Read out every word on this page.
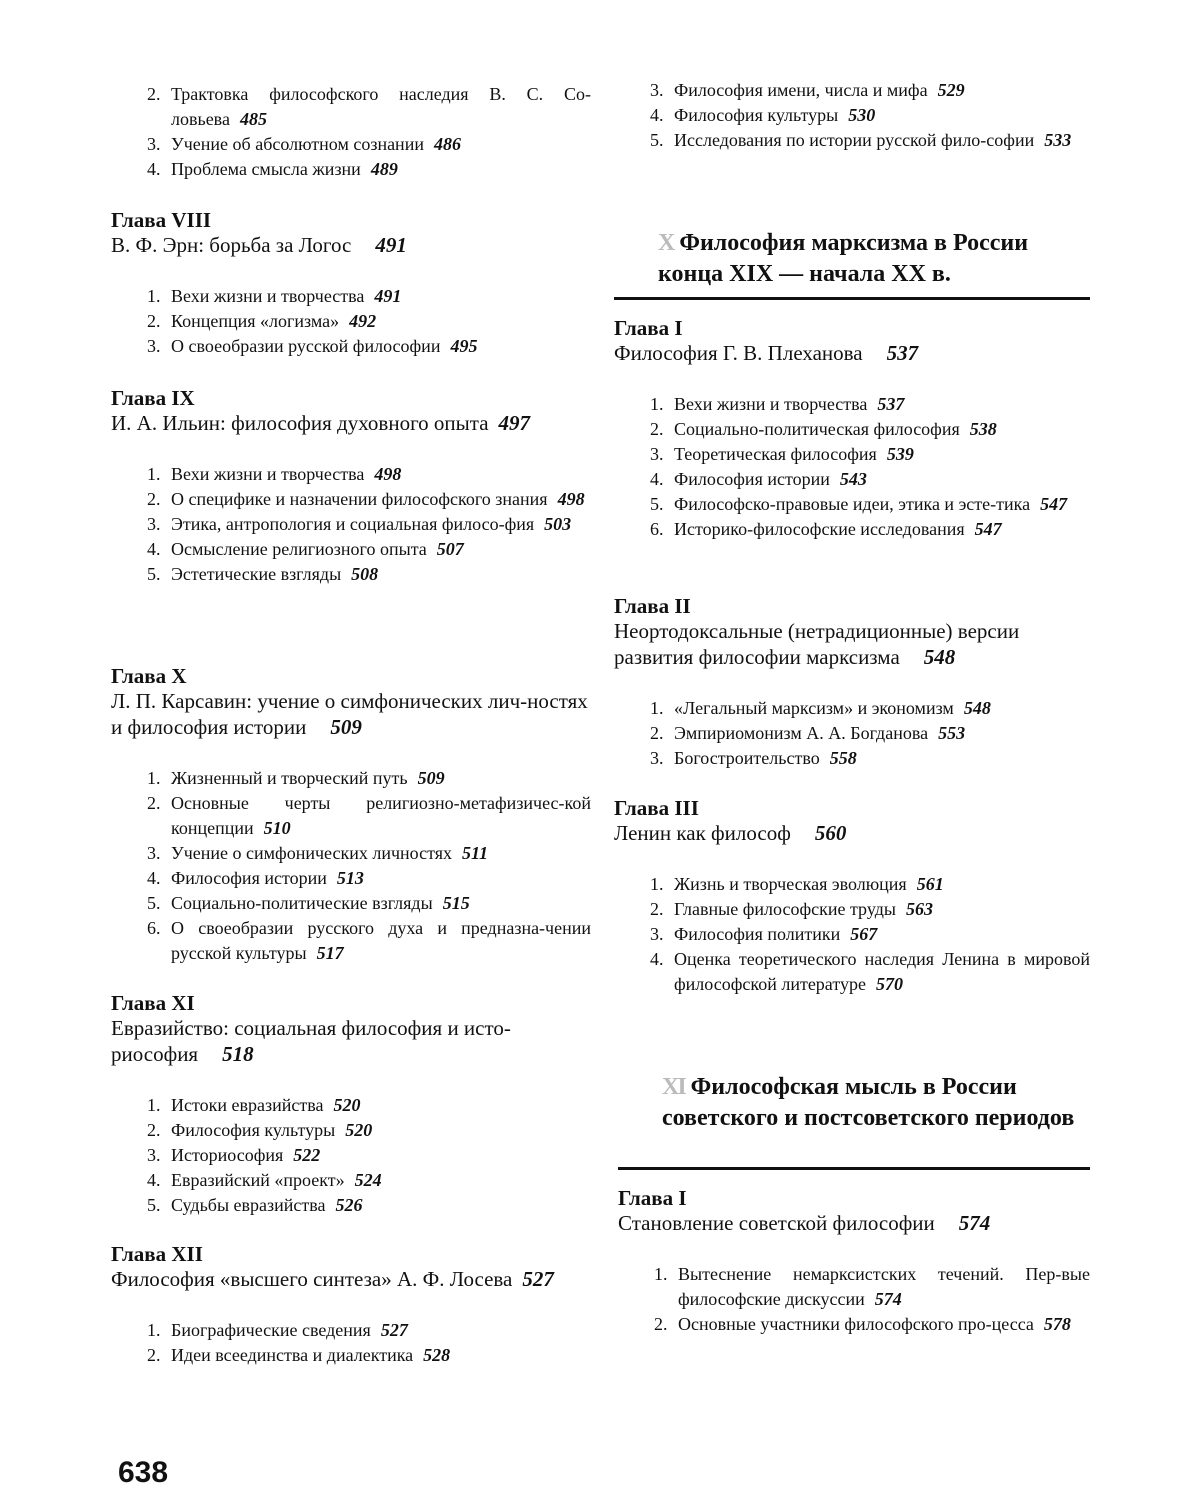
2. Трактовка философского наследия В. С. Со-ловьева 485
3. Учение об абсолютном сознании 486
4. Проблема смысла жизни 489
Глава VIII
В. Ф. Эрн: борьба за Логос 491
1. Вехи жизни и творчества 491
2. Концепция «логизма» 492
3. О своеобразии русской философии 495
Глава IX
И. А. Ильин: философия духовного опыта 497
1. Вехи жизни и творчества 498
2. О специфике и назначении философского знания 498
3. Этика, антропология и социальная филосо-фия 503
4. Осмысление религиозного опыта 507
5. Эстетические взгляды 508
Глава X
Л. П. Карсавин: учение о симфонических лич-ностях и философия истории 509
1. Жизненный и творческий путь 509
2. Основные черты религиозно-метафизичес-кой концепции 510
3. Учение о симфонических личностях 511
4. Философия истории 513
5. Социально-политические взгляды 515
6. О своеобразии русского духа и предназна-чении русской культуры 517
Глава XI
Евразийство: социальная философия и исто-риософия 518
1. Истоки евразийства 520
2. Философия культуры 520
3. Историософия 522
4. Евразийский «проект» 524
5. Судьбы евразийства 526
Глава XII
Философия «высшего синтеза» А. Ф. Лосева 527
1. Биографические сведения 527
2. Идеи всеединства и диалектика 528
3. Философия имени, числа и мифа 529
4. Философия культуры 530
5. Исследования по истории русской фило-софии 533
X Философия марксизма в России конца XIX — начала XX в.
Глава I
Философия Г. В. Плеханова 537
1. Вехи жизни и творчества 537
2. Социально-политическая философия 538
3. Теоретическая философия 539
4. Философия истории 543
5. Философско-правовые идеи, этика и эсте-тика 547
6. Историко-философские исследования 547
Глава II
Неортодоксальные (нетрадиционные) версии развития философии марксизма 548
1. «Легальный марксизм» и экономизм 548
2. Эмпириомонизм А. А. Богданова 553
3. Богостроительство 558
Глава III
Ленин как философ 560
1. Жизнь и творческая эволюция 561
2. Главные философские труды 563
3. Философия политики 567
4. Оценка теоретического наследия Ленина в мировой философской литературе 570
XI Философская мысль в России советского и постсоветского периодов
Глава I
Становление советской философии 574
1. Вытеснение немарксистских течений. Пер-вые философские дискуссии 574
2. Основные участники философского про-цесса 578
638
